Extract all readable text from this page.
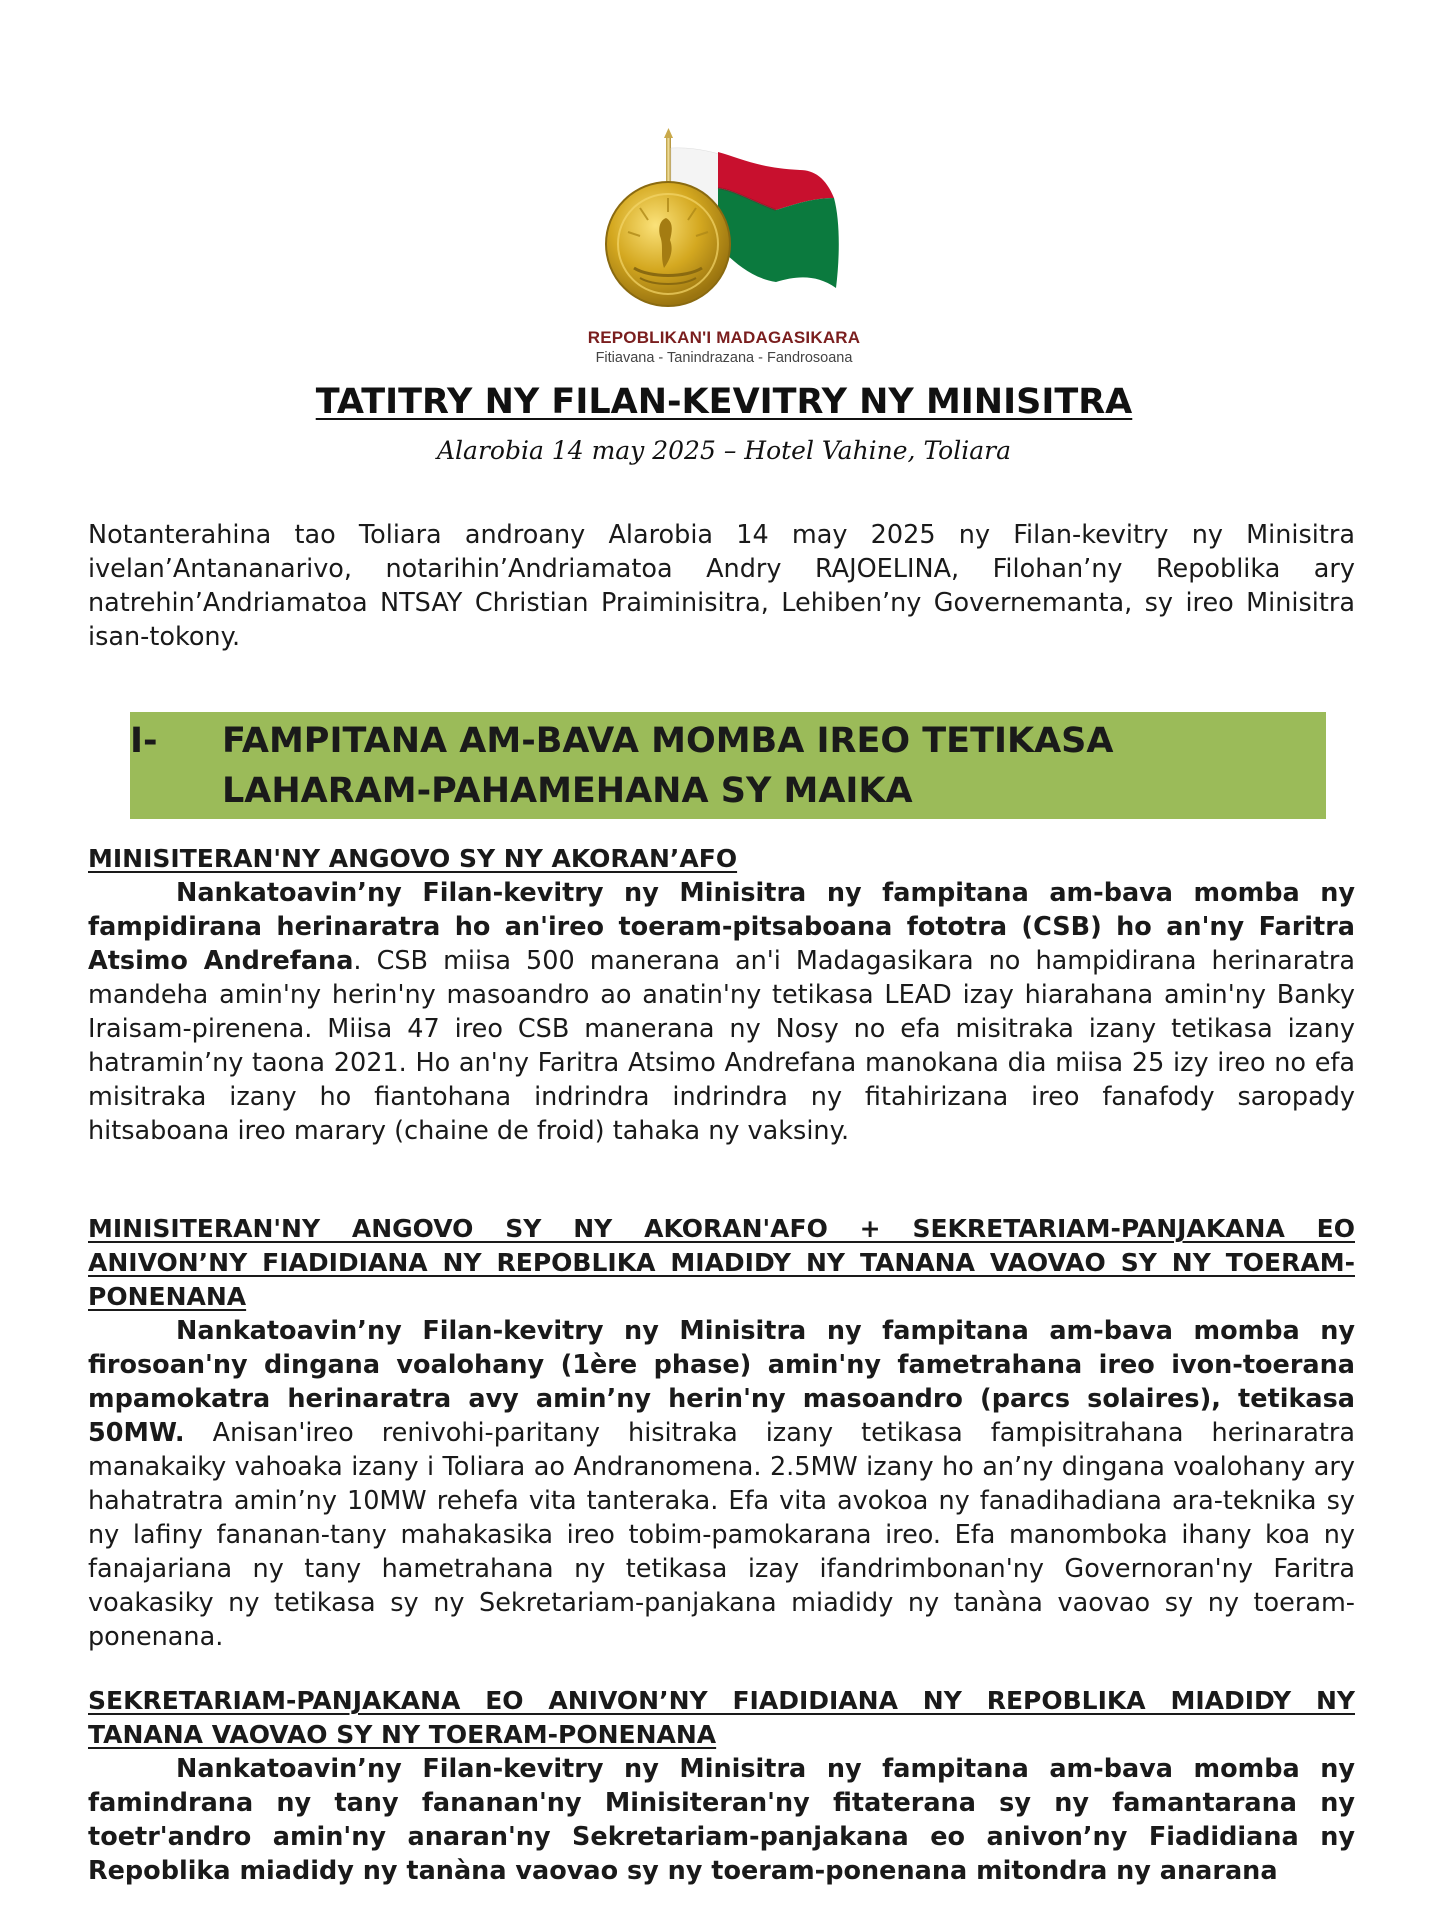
REPOBLIKAN'I MADAGASIKARA
Fitiavana - Tanindrazana - Fandrosoana
TATITRY NY FILAN-KEVITRY NY MINISITRA
Alarobia 14 may 2025 – Hotel Vahine, Toliara
Notanterahina tao Toliara androany Alarobia 14 may 2025 ny Filan-kevitry ny Minisitra ivelan’Antananarivo, notarihin’Andriamatoa Andry RAJOELINA, Filohan’ny Repoblika ary natrehin’Andriamatoa NTSAY Christian Praiminisitra, Lehiben’ny Governemanta, sy ireo Minisitra isan-tokony.
I- FAMPITANA AM-BAVA MOMBA IREO TETIKASA LAHARAM-PAHAMEHANA SY MAIKA
MINISITERAN'NY ANGOVO SY NY AKORAN’AFO
Nankatoavin’ny Filan-kevitry ny Minisitra ny fampitana am-bava momba ny fampidirana herinaratra ho an'ireo toeram-pitsaboana fototra (CSB) ho an'ny Faritra Atsimo Andrefana. CSB miisa 500 manerana an'i Madagasikara no hampidirana herinaratra mandeha amin'ny herin'ny masoandro ao anatin'ny tetikasa LEAD izay hiarahana amin'ny Banky Iraisam-pirenena. Miisa 47 ireo CSB manerana ny Nosy no efa misitraka izany tetikasa izany hatramin’ny taona 2021. Ho an'ny Faritra Atsimo Andrefana manokana dia miisa 25 izy ireo no efa misitraka izany ho fiantohana indrindra indrindra ny fitahirizana ireo fanafody saropady hitsaboana ireo marary (chaine de froid) tahaka ny vaksiny.
MINISITERAN'NY ANGOVO SY NY AKORAN'AFO + SEKRETARIAM-PANJAKANA EO ANIVON’NY FIADIDIANA NY REPOBLIKA MIADIDY NY TANANA VAOVAO SY NY TOERAM-PONENANA
Nankatoavin’ny Filan-kevitry ny Minisitra ny fampitana am-bava momba ny firosoan'ny dingana voalohany (1ère phase) amin'ny fametrahana ireo ivon-toerana mpamokatra herinaratra avy amin’ny herin'ny masoandro (parcs solaires), tetikasa 50MW. Anisan'ireo renivohi-paritany hisitraka izany tetikasa fampisitrahana herinaratra manakaiky vahoaka izany i Toliara ao Andranomena. 2.5MW izany ho an’ny dingana voalohany ary hahatratra amin’ny 10MW rehefa vita tanteraka. Efa vita avokoa ny fanadihadiana ara-teknika sy ny lafiny fananan-tany mahakasika ireo tobim-pamokarana ireo. Efa manomboka ihany koa ny fanajariana ny tany hametrahana ny tetikasa izay ifandrimbonan'ny Governoran'ny Faritra voakasiky ny tetikasa sy ny Sekretariam-panjakana miadidy ny tanàna vaovao sy ny toeram-ponenana.
SEKRETARIAM-PANJAKANA EO ANIVON’NY FIADIDIANA NY REPOBLIKA MIADIDY NY TANANA VAOVAO SY NY TOERAM-PONENANA
Nankatoavin’ny Filan-kevitry ny Minisitra ny fampitana am-bava momba ny famindrana ny tany fananan'ny Minisiteran'ny fitaterana sy ny famantarana ny toetr'andro amin'ny anaran'ny Sekretariam-panjakana eo anivon’ny Fiadidiana ny Repoblika miadidy ny tanàna vaovao sy ny toeram-ponenana mitondra ny anarana
